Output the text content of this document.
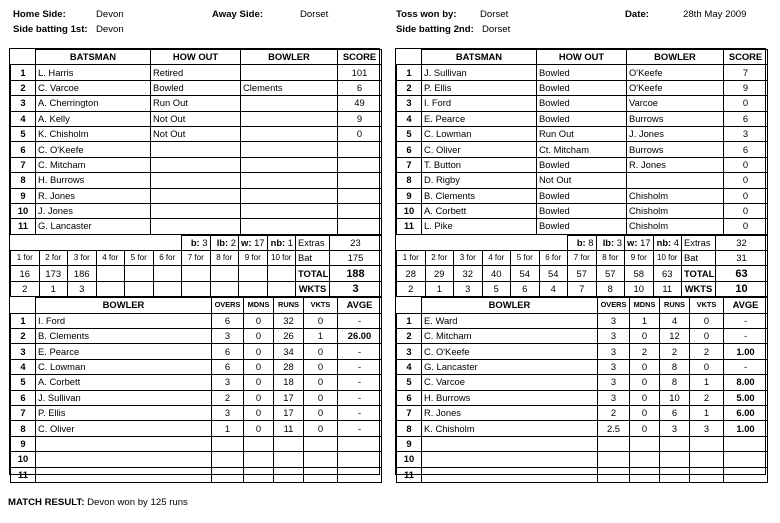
Home Side:	Devon	Away Side:	Dorset	Toss won by: Dorset	Date:	28th May 2009
Side batting 1st: Devon	Side batting 2nd: Dorset
	BATSMAN	HOW OUT	BOWLER	SCORE
1	L. Harris	Retired		101
2	C. Varcoe	Bowled	Clements	6
3	A. Cherrington	Run Out		49
4	A. Kelly	Not Out		9
5	K. Chisholm	Not Out		0
6	C. O'Keefe			
7	C. Mitcham			
8	H. Burrows			
9	R. Jones			
10	J. Jones			
11	G. Lancaster			
						b: 3	lb: 2	w: 17	nb: 1	Extras	23
1 for	2 for	3 for	4 for	5 for	6 for	7 for	8 for	9 for	10 for	Bat	175
16	173	186								TOTAL	188
2	1	3								WKTS	3
	BOWLER	OVERS	MDNS	RUNS	VKTS	AVGE
1	I. Ford	6	0	32	0	-
2	B. Clements	3	0	26	1	26.00
3	E. Pearce	6	0	34	0	-
4	C. Lowman	6	0	28	0	-
5	A. Corbett	3	0	18	0	-
6	J. Sullivan	2	0	17	0	-
7	P. Ellis	3	0	17	0	-
8	C. Oliver	1	0	11	0	-
9						
10						
11						
	BATSMAN	HOW OUT	BOWLER	SCORE
1	J. Sullivan	Bowled	O'Keefe	7
2	P. Ellis	Bowled	O'Keefe	9
3	I. Ford	Bowled	Varcoe	0
4	E. Pearce	Bowled	Burrows	6
5	C. Lowman	Run Out	J. Jones	3
6	C. Oliver	Ct. Mitcham	Burrows	6
7	T. Button	Bowled	R. Jones	0
8	D. Rigby	Not Out		0
9	B. Clements	Bowled	Chisholm	0
10	A. Corbett	Bowled	Chisholm	0
11	L. Pike	Bowled	Chisholm	0
						b: 8	lb: 3	w: 17	nb: 4	Extras	32
1 for	2 for	3 for	4 for	5 for	6 for	7 for	8 for	9 for	10 for	Bat	31
28	29	32	40	54	54	57	57	58	63	TOTAL	63
2	1	3	5	6	4	7	8	10	11	WKTS	10
	BOWLER	OVERS	MDNS	RUNS	VKTS	AVGE
1	E. Ward	3	1	4	0	-
2	C. Mitcham	3	0	12	0	-
3	C. O'Keefe	3	2	2	2	1.00
4	G. Lancaster	3	0	8	0	-
5	C. Varcoe	3	0	8	1	8.00
6	H. Burrows	3	0	10	2	5.00
7	R. Jones	2	0	6	1	6.00
8	K. Chisholm	2.5	0	3	3	1.00
9						
10						
11						
MATCH RESULT: Devon won by 125 runs
